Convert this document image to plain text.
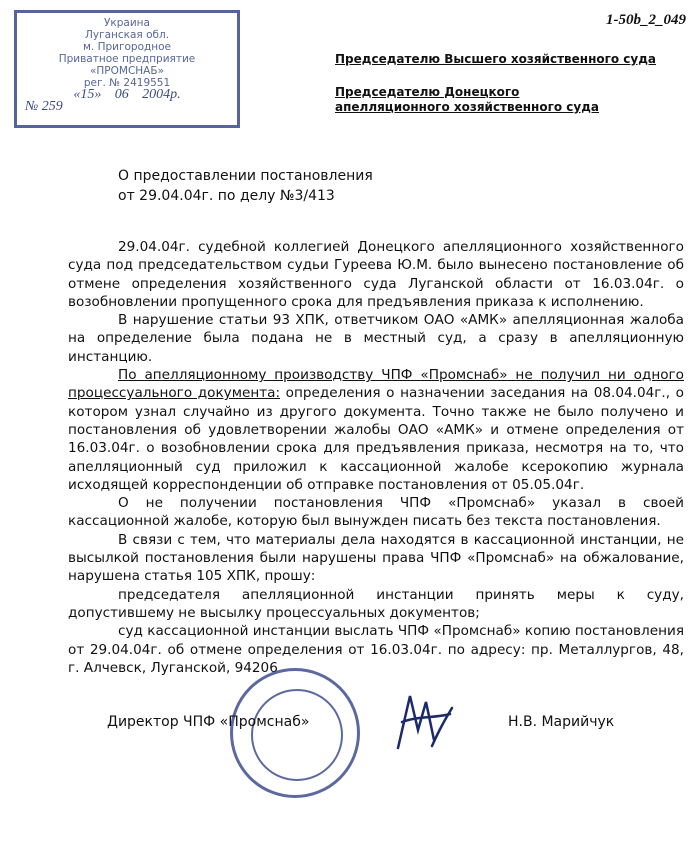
1-50b_2_049
Украина
Луганская обл.
м. Пригородное
Приватное предприятие
«ПРОМСНАБ»
рег. № 2419551
«15» 06 2004р.
№ 259
Председателю Высшего хозяйственного суда
Председателю Донецкого апелляционного хозяйственного суда
О предоставлении постановления
от 29.04.04г. по делу №3/413

29.04.04г. судебной коллегией Донецкого апелляционного хозяйственного суда под председательством судьи Гуреева Ю.М. было вынесено постановление об отмене определения хозяйственного суда Луганской области от 16.03.04г. о возобновлении пропущенного срока для предъявления приказа к исполнению.

В нарушение статьи 93 ХПК, ответчиком ОАО «АМК» апелляционная жалоба на определение была подана не в местный суд, а сразу в апелляционную инстанцию.

По апелляционному производству ЧПФ «Промснаб» не получил ни одного процессуального документа: определения о назначении заседания на 08.04.04г., о котором узнал случайно из другого документа. Точно также не было получено и постановления об удовлетворении жалобы ОАО «АМК» и отмене определения от 16.03.04г. о возобновлении срока для предъявления приказа, несмотря на то, что апелляционный суд приложил к кассационной жалобе ксерокопию журнала исходящей корреспонденции об отправке постановления от 05.05.04г.

О не получении постановления ЧПФ «Промснаб» указал в своей кассационной жалобе, которую был вынужден писать без текста постановления.

В связи с тем, что материалы дела находятся в кассационной инстанции, не высылкой постановления были нарушены права ЧПФ «Промснаб» на обжалование, нарушена статья 105 ХПК, прошу:

председателя апелляционной инстанции принять меры к суду, допустившему не высылку процессуальных документов;

суд кассационной инстанции выслать ЧПФ «Промснаб» копию постановления от 29.04.04г. об отмене определения от 16.03.04г. по адресу: пр. Металлургов, 48, г. Алчевск, Луганской, 94206

Директор ЧПФ «Промснаб»	Н.В. Марийчук
